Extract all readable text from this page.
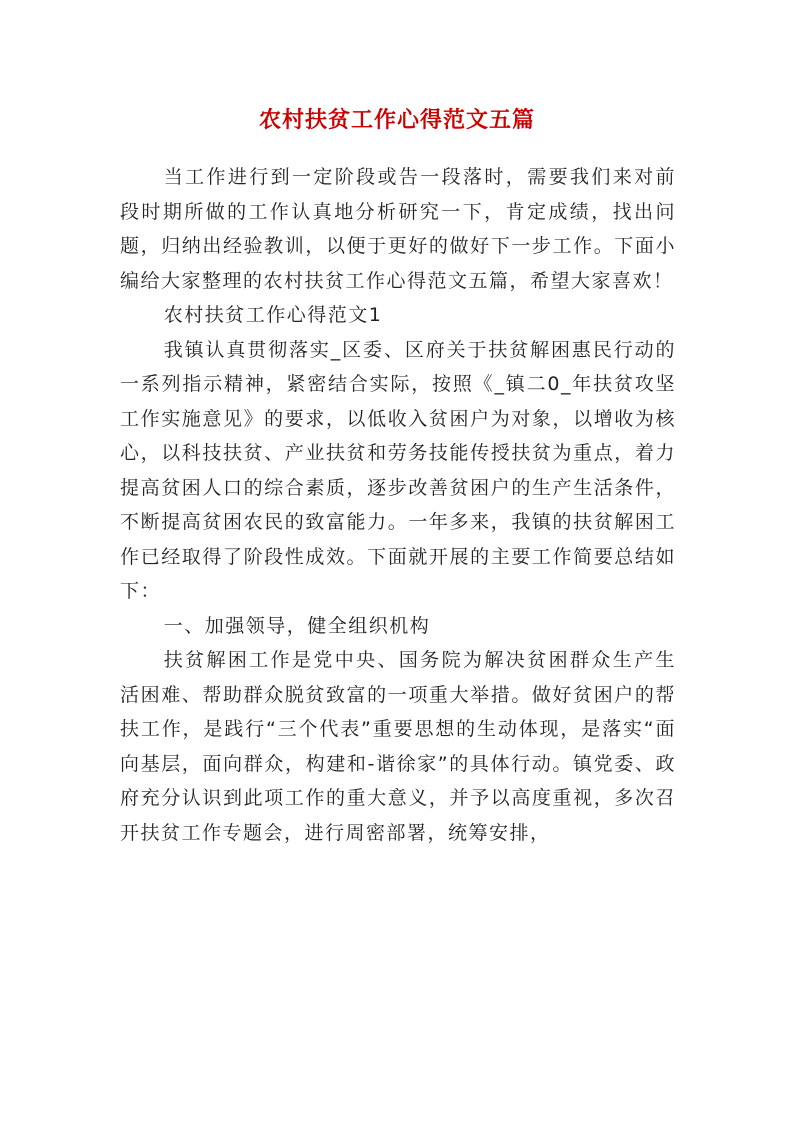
农村扶贫工作心得范文五篇

当工作进行到一定阶段或告一段落时，需要我们来对前段时期所做的工作认真地分析研究一下，肯定成绩，找出问题，归纳出经验教训，以便于更好的做好下一步工作。下面小编给大家整理的农村扶贫工作心得范文五篇，希望大家喜欢！

农村扶贫工作心得范文1

我镇认真贯彻落实_区委、区府关于扶贫解困惠民行动的一系列指示精神，紧密结合实际，按照《_镇二0_年扶贫攻坚工作实施意见》的要求，以低收入贫困户为对象，以增收为核心，以科技扶贫、产业扶贫和劳务技能传授扶贫为重点，着力提高贫困人口的综合素质，逐步改善贫困户的生产生活条件，不断提高贫困农民的致富能力。一年多来，我镇的扶贫解困工作已经取得了阶段性成效。下面就开展的主要工作简要总结如下：

一、加强领导，健全组织机构

扶贫解困工作是党中央、国务院为解决贫困群众生产生活困难、帮助群众脱贫致富的一项重大举措。做好贫困户的帮扶工作，是践行“三个代表”重要思想的生动体现，是落实“面向基层，面向群众，构建和-谐徐家”的具体行动。镇党委、政府充分认识到此项工作的重大意义，并予以高度重视，多次召开扶贫工作专题会，进行周密部署，统筹安排，
